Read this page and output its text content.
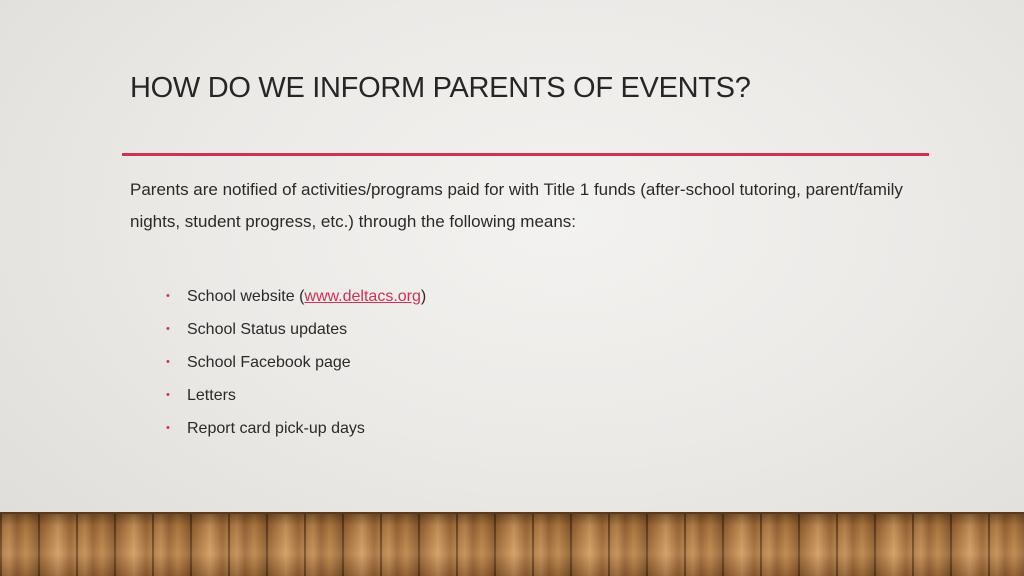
HOW DO WE INFORM PARENTS OF EVENTS?
Parents are notified of activities/programs paid for with Title 1 funds (after-school tutoring, parent/family nights, student progress, etc.) through the following means:
• School website (www.deltacs.org)
• School Status updates
• School Facebook page
• Letters
• Report card pick-up days
